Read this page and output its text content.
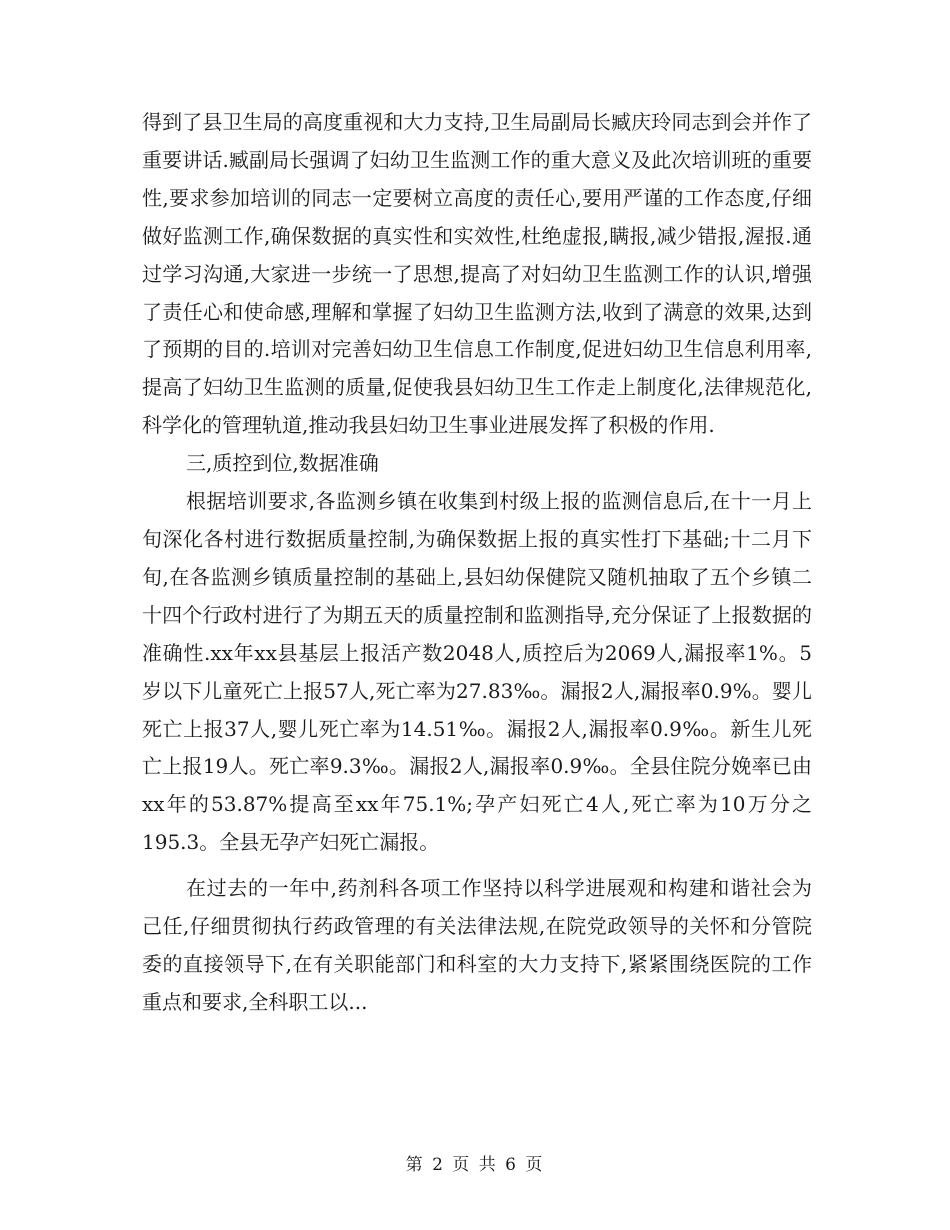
得到了县卫生局的高度重视和大力支持,卫生局副局长臧庆玲同志到会并作了重要讲话.臧副局长强调了妇幼卫生监测工作的重大意义及此次培训班的重要性,要求参加培训的同志一定要树立高度的责任心,要用严谨的工作态度,仔细做好监测工作,确保数据的真实性和实效性,杜绝虚报,瞒报,减少错报,渥报.通过学习沟通,大家进一步统一了思想,提高了对妇幼卫生监测工作的认识,增强了责任心和使命感,理解和掌握了妇幼卫生监测方法,收到了满意的效果,达到了预期的目的.培训对完善妇幼卫生信息工作制度,促进妇幼卫生信息利用率,提高了妇幼卫生监测的质量,促使我县妇幼卫生工作走上制度化,法律规范化,科学化的管理轨道,推动我县妇幼卫生事业进展发挥了积极的作用.

三,质控到位,数据准确

根据培训要求,各监测乡镇在收集到村级上报的监测信息后,在十一月上旬深化各村进行数据质量控制,为确保数据上报的真实性打下基础;十二月下旬,在各监测乡镇质量控制的基础上,县妇幼保健院又随机抽取了五个乡镇二十四个行政村进行了为期五天的质量控制和监测指导,充分保证了上报数据的准确性.xx年xx县基层上报活产数2048人,质控后为2069人,漏报率1%。5岁以下儿童死亡上报57人,死亡率为27.83‰。漏报2人,漏报率0.9%。婴儿死亡上报37人,婴儿死亡率为14.51‰。漏报2人,漏报率0.9‰。新生儿死亡上报19人。死亡率9.3‰。漏报2人,漏报率0.9‰。全县住院分娩率已由xx年的53.87%提高至xx年75.1%;孕产妇死亡4人,死亡率为10万分之195.3。全县无孕产妇死亡漏报。

在过去的一年中,药剂科各项工作坚持以科学进展观和构建和谐社会为己任,仔细贯彻执行药政管理的有关法律法规,在院党政领导的关怀和分管院委的直接领导下,在有关职能部门和科室的大力支持下,紧紧围绕医院的工作重点和要求,全科职工以...

第 2 页 共 6 页
